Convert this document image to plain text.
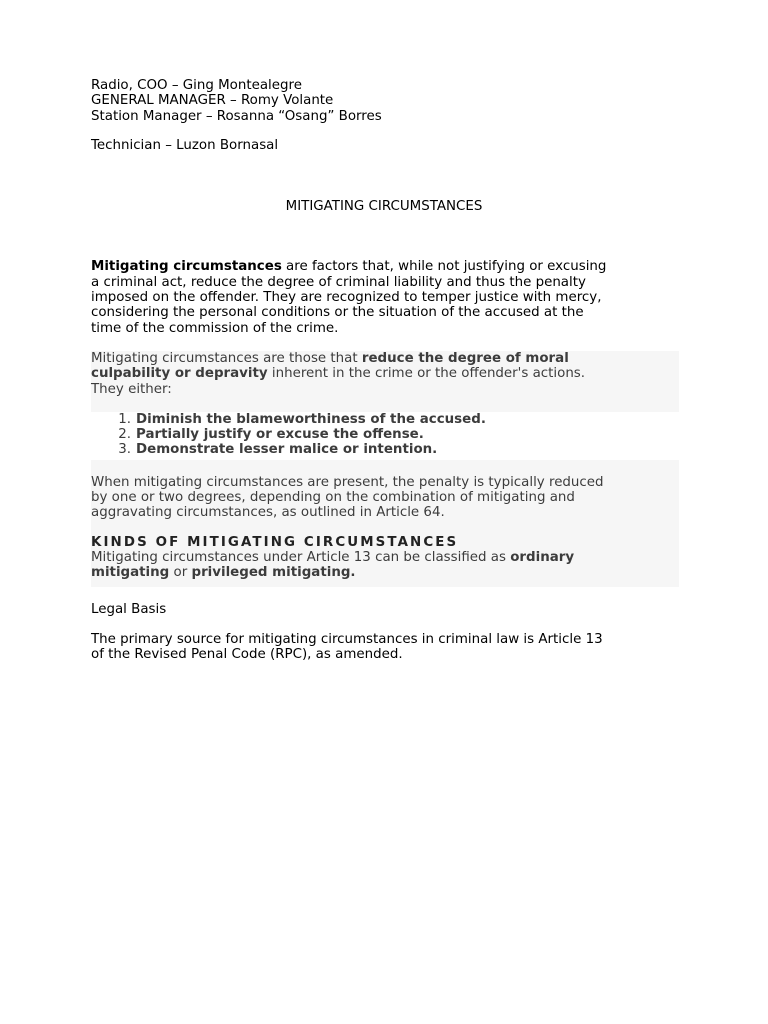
Radio, COO – Ging Montealegre
GENERAL MANAGER – Romy Volante
Station Manager – Rosanna “Osang” Borres
Technician – Luzon Bornasal
MITIGATING CIRCUMSTANCES
Mitigating circumstances are factors that, while not justifying or excusing
a criminal act, reduce the degree of criminal liability and thus the penalty
imposed on the offender. They are recognized to temper justice with mercy,
considering the personal conditions or the situation of the accused at the
time of the commission of the crime.

Mitigating circumstances are those that reduce the degree of moral

culpability or depravity inherent in the crime or the offender's actions.

They either:

1. Diminish the blameworthiness of the accused.
2. Partially justify or excuse the offense.
3. Demonstrate lesser malice or intention.

When mitigating circumstances are present, the penalty is typically reduced

by one or two degrees, depending on the combination of mitigating and

aggravating circumstances, as outlined in Article 64.

KINDS OF MITIGATING CIRCUMSTANCES

Mitigating circumstances under Article 13 can be classified as ordinary

mitigating or privileged mitigating.

Legal Basis
The primary source for mitigating circumstances in criminal law is Article 13
of the Revised Penal Code (RPC), as amended.
